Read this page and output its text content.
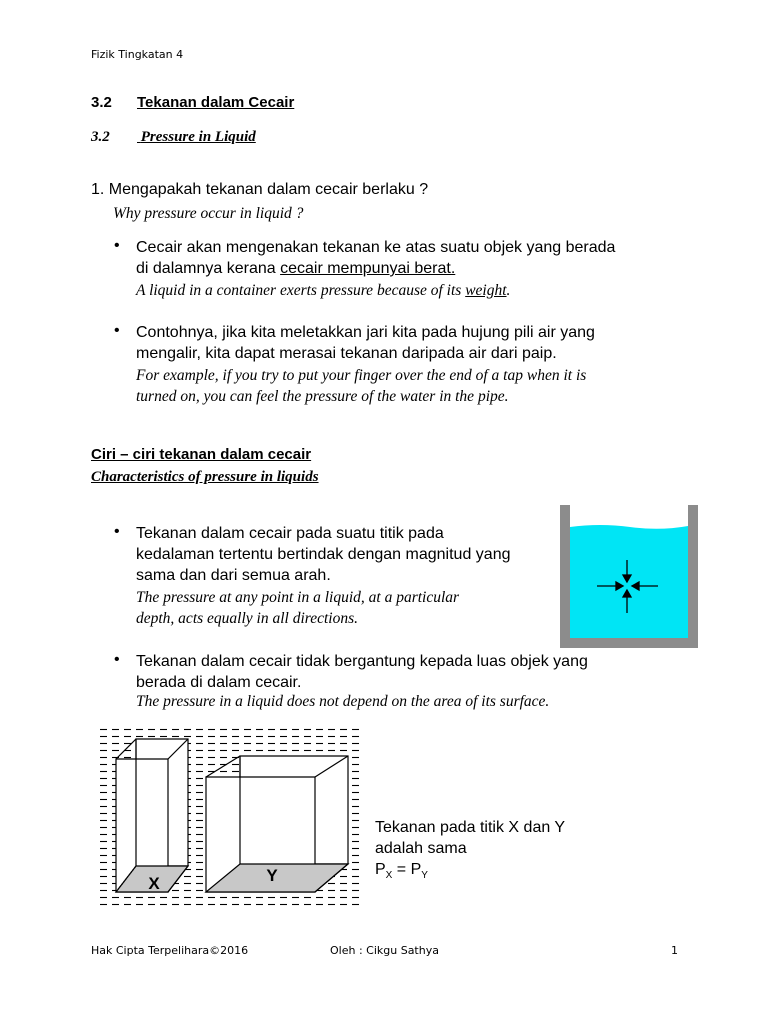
Fizik Tingkatan 4
3.2 Tekanan dalam Cecair
3.2 Pressure in Liquid
1. Mengapakah tekanan dalam cecair berlaku ?
Why pressure occur in liquid ?
• Cecair akan mengenakan tekanan ke atas suatu objek yang berada
di dalamnya kerana cecair mempunyai berat.
A liquid in a container exerts pressure because of its weight.
• Contohnya, jika kita meletakkan jari kita pada hujung pili air yang
mengalir, kita dapat merasai tekanan daripada air dari paip.
For example, if you try to put your finger over the end of a tap when it is
turned on, you can feel the pressure of the water in the pipe.
Ciri – ciri tekanan dalam cecair
Characteristics of pressure in liquids
• Tekanan dalam cecair pada suatu titik pada
kedalaman tertentu bertindak dengan magnitud yang
sama dan dari semua arah.
The pressure at any point in a liquid, at a particular
depth, acts equally in all directions.
• Tekanan dalam cecair tidak bergantung kepada luas objek yang
berada di dalam cecair.
The pressure in a liquid does not depend on the area of its surface.
X	Y
Tekanan pada titik X dan Y
adalah sama
$P_X = P_Y$
Hak Cipta Terpelihara©2016	Oleh : Cikgu Sathya	1
